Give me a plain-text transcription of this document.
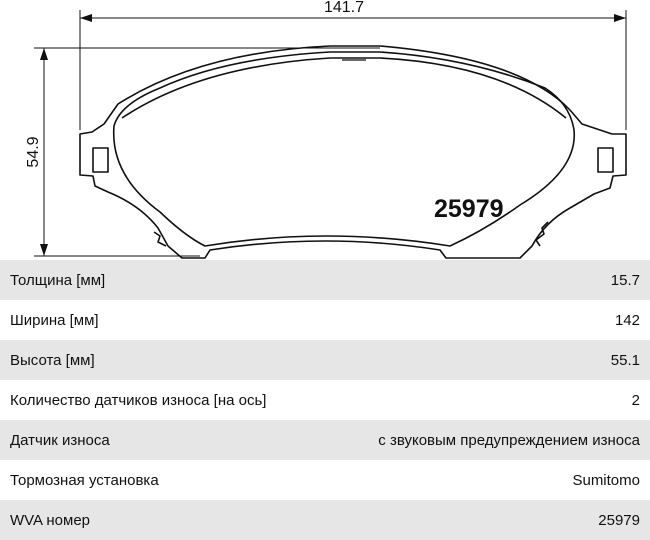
141.7
54.9
25979
Толщина [мм]	15.7
Ширина [мм]	142
Высота [мм]	55.1
Количество датчиков износа [на ось]	2
Датчик износа	с звуковым предупреждением износа
Тормозная установка	Sumitomo
WVA номер	25979
